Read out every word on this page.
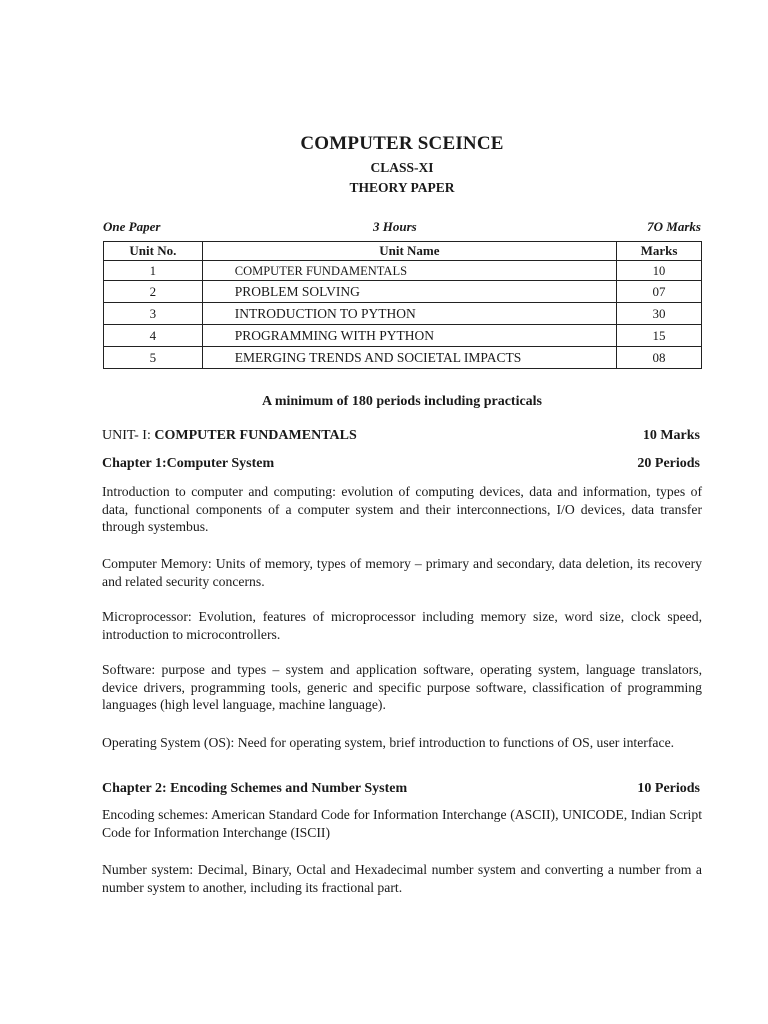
COMPUTER SCEINCE
CLASS-XI
THEORY PAPER
One Paper	3 Hours	7O Marks
Unit No.	Unit Name	Marks
1	COMPUTER FUNDAMENTALS	10
2	PROBLEM SOLVING	07
3	INTRODUCTION TO PYTHON	30
4	PROGRAMMING WITH PYTHON	15
5	EMERGING TRENDS AND SOCIETAL IMPACTS	08
A minimum of 180 periods including practicals
UNIT- I: COMPUTER FUNDAMENTALS	10 Marks
Chapter 1:Computer System	20 Periods
Introduction to computer and computing: evolution of computing devices, data and information, types of data, functional components of a computer system and their interconnections, I/O devices, data transfer through systembus.
Computer Memory: Units of memory, types of memory – primary and secondary, data deletion, its recovery and related security concerns.
Microprocessor: Evolution, features of microprocessor including memory size, word size, clock speed, introduction to microcontrollers.
Software: purpose and types – system and application software, operating system, language translators, device drivers, programming tools, generic and specific purpose software, classification of programming languages (high level language, machine language).
Operating System (OS): Need for operating system, brief introduction to functions of OS, user interface.
Chapter 2: Encoding Schemes and Number System	10 Periods
Encoding schemes: American Standard Code for Information Interchange (ASCII), UNICODE, Indian Script Code for Information Interchange (ISCII)
Number system: Decimal, Binary, Octal and Hexadecimal number system and converting a number from a number system to another, including its fractional part.
